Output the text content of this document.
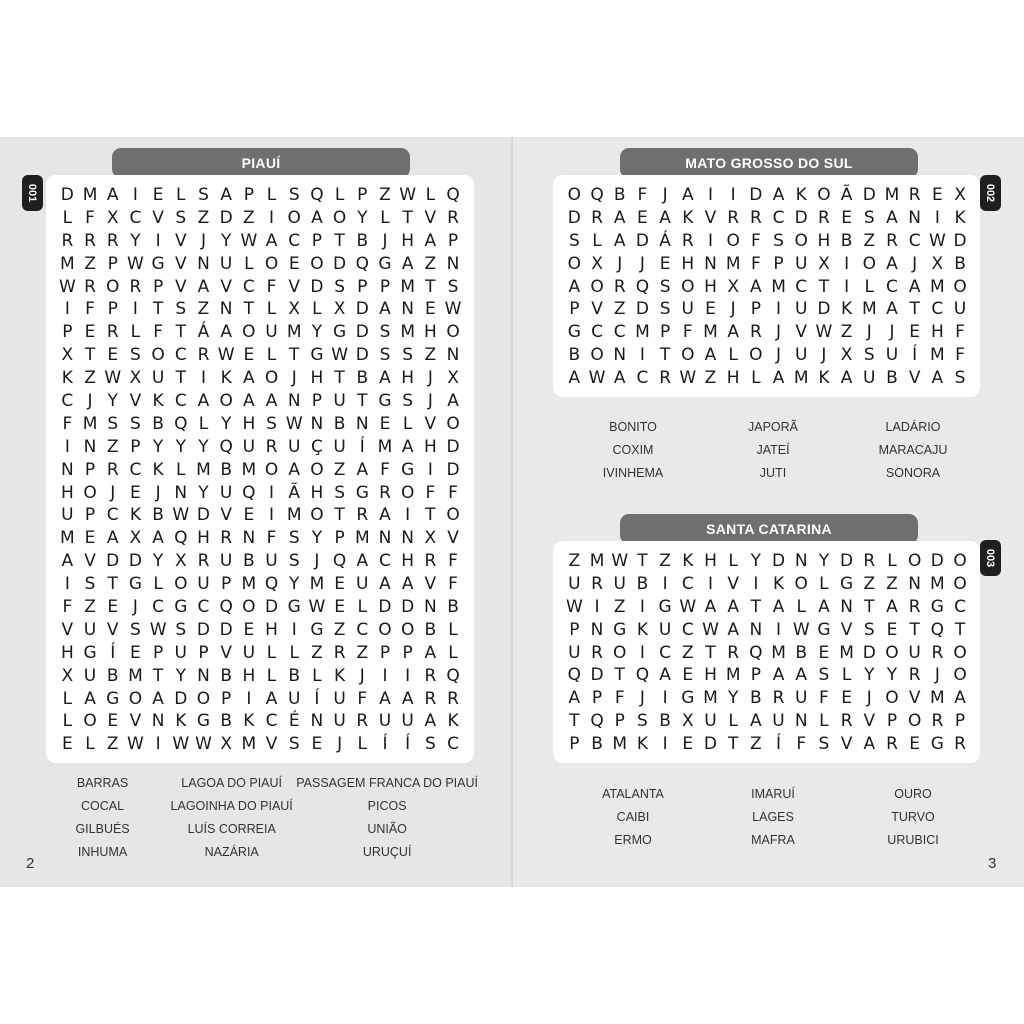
PIAUÍ
001 D M A I E L S A P L S Q L P Z W L Q
L F X C V S Z D Z I O A O Y L T V R
R R R Y I V J Y W A C P T B J H A P
M Z P W G V N U L O E O D Q G A Z N
W R O R P V A V C F V D S P P M T S
I F P I T S Z N T L X L X D A N E W
P E R L F T Á A O U M Y G D S M H O
X T E S O C R W E L T G W D S S Z N
K Z W X U T I K A O J H T B A H J X
C J Y V K C A O A A N P U T G S J A
F M S S B Q L Y H S W N B N E L V O
I N Z P Y Y Y Q U R U Ç U Í M A H D
N P R C K L M B M O A O Z A F G I D
H O J E J N Y U Q I Ã H S G R O F F
U P C K B W D V E I M O T R A I T O
M E A X A Q H R N F S Y P M N N X V
A V D D Y X R U B U S J Q A C H R F
I S T G L O U P M Q Y M E U A A V F
F Z E J C G C Q O D G W E L D D N B
V U V S W S D D E H I G Z C O O B L
H G Í E P U P V U L L Z R Z P P A L
X U B M T Y N B H L B L K J	I	I R Q
L A G O A D O P I A U Í U F A A R R
L O E V N K G B K C É N U R U U A K
E L Z W I W W X M V S E J L Í	Í S C
BARRAS	LAGOA DO PIAUÍ	PASSAGEM FRANCA DO PIAUÍ
COCAL	LAGOINHA DO PIAUÍ	PICOS
GILBUÉS	LUÍS CORREIA	UNIÃO
INHUMA	NAZÁRIA	URUÇUÍ
2
MATO GROSSO DO SUL
002
O Q B F J A I	I D A K O Ã D M R E X
D R A E A K V R R C D R E S A N I K
S L A D Á R I O F S O H B Z R C W D
O X J	J E H N M F P U X I O A J X B
A O R Q S O H X A M C T I L C A M O
P V Z D S U E J P I U D K M A T C U
G C C M P F M A R J V W Z J	J E H F
B O N I T O A L O J U J X S U Í M F
A W A C R W Z H L A M K A U B V A S
BONITO	JAPORÃ	LADÁRIO
COXIM	JATEÍ	MARACAJU
IVINHEMA	JUTI	SONORA
SANTA CATARINA
003
Z M W T Z K H L Y D N Y D R L O D O
U R U B I C I V I K O L G Z Z N M O
W I Z I G W A A T A L A N T A R G C
P N G K U C W A N I W G V S E T Q T
U R O I C Z T R Q M B E M D O U R O
Q D T Q A E H M P A A S L Y Y R J O
A P F J	I G M Y B R U F E J O V M A
T Q P S B X U L A U N L R V P O R P
P B M K I E D T Z Í F S V A R E G R
ATALANTA	IMARUÍ	OURO
CAIBI	LAGES	TURVO
ERMO	MAFRA	URUBICI
3
